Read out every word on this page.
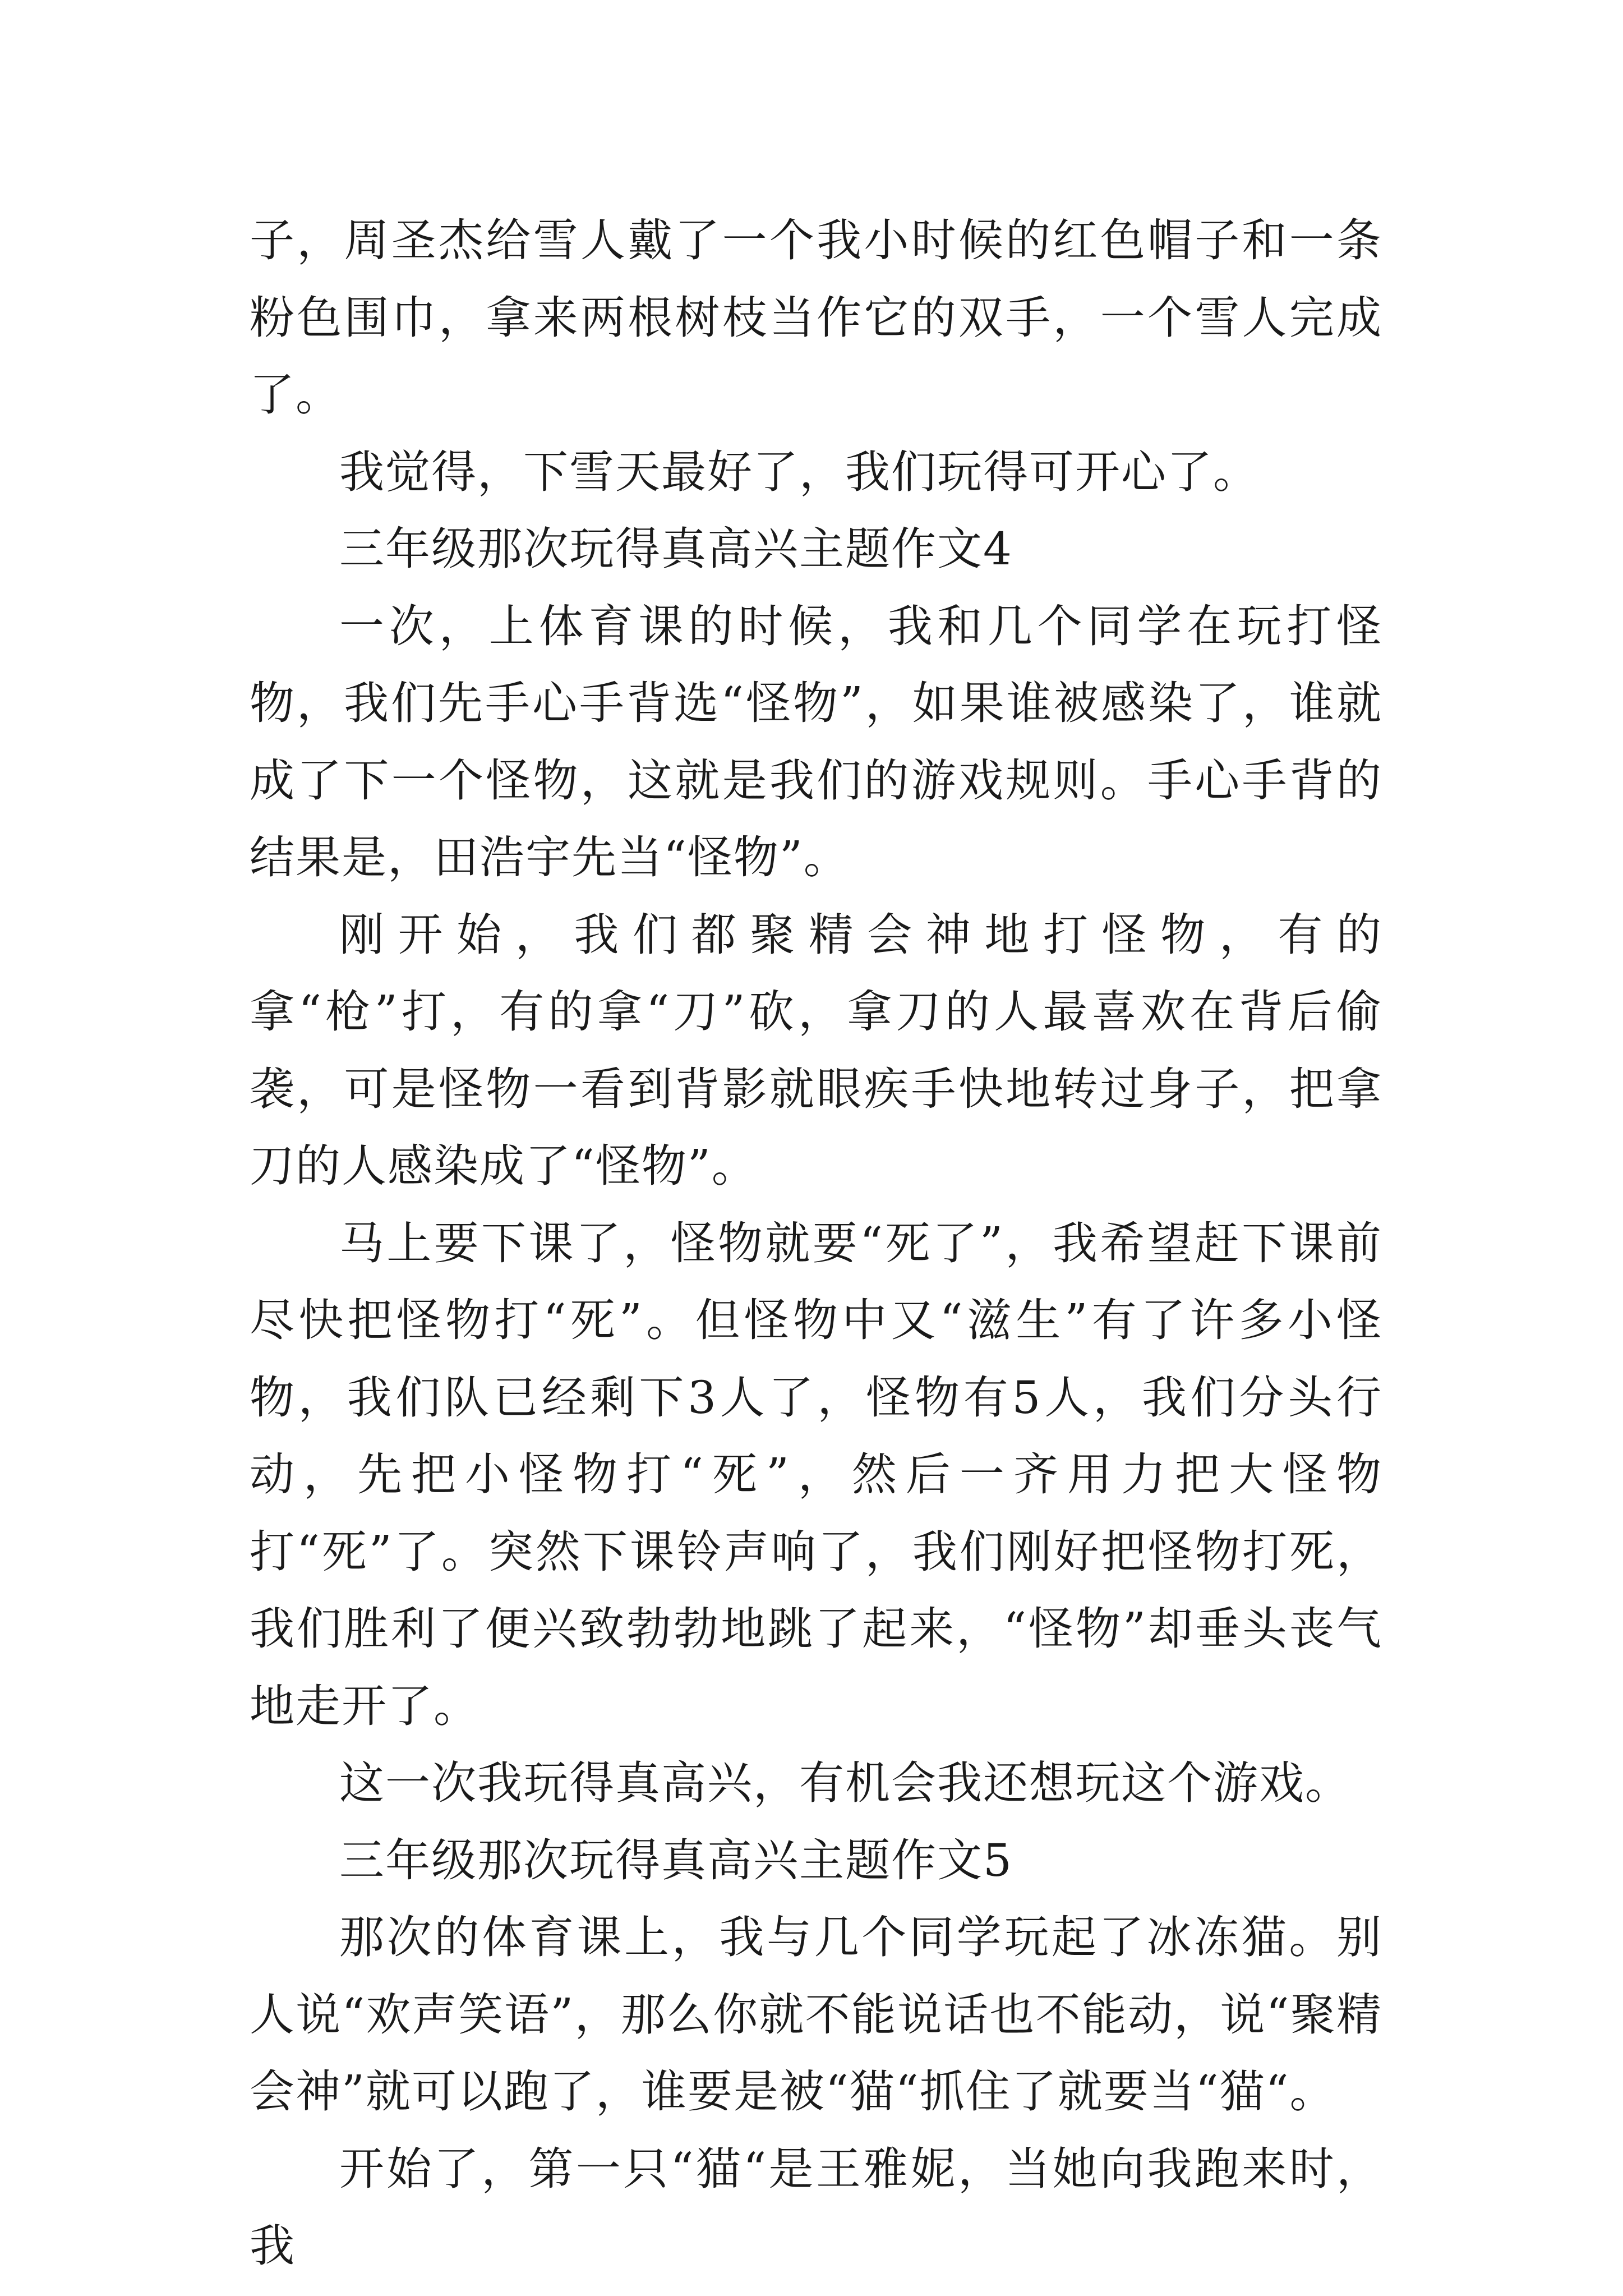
子，周圣杰给雪人戴了一个我小时候的红色帽子和一条粉色围巾，拿来两根树枝当作它的双手，一个雪人完成了。

我觉得，下雪天最好了，我们玩得可开心了。

三年级那次玩得真高兴主题作文4

一次，上体育课的时候，我和几个同学在玩打怪物，我们先手心手背选“怪物”，如果谁被感染了，谁就成了下一个怪物，这就是我们的游戏规则。手心手背的结果是，田浩宇先当“怪物”。

刚开始，我们都聚精会神地打怪物，有的拿“枪”打，有的拿“刀”砍，拿刀的人最喜欢在背后偷袭，可是怪物一看到背影就眼疾手快地转过身子，把拿刀的人感染成了“怪物”。

马上要下课了，怪物就要“死了”，我希望赶下课前尽快把怪物打“死”。但怪物中又“滋生”有了许多小怪物，我们队已经剩下3人了，怪物有5人，我们分头行动，先把小怪物打“死”，然后一齐用力把大怪物打“死”了。突然下课铃声响了，我们刚好把怪物打死，我们胜利了便兴致勃勃地跳了起来，“怪物”却垂头丧气地走开了。

这一次我玩得真高兴，有机会我还想玩这个游戏。

三年级那次玩得真高兴主题作文5

那次的体育课上，我与几个同学玩起了冰冻猫。别人说“欢声笑语”，那么你就不能说话也不能动，说“聚精会神”就可以跑了，谁要是被“猫“抓住了就要当“猫“。

开始了，第一只“猫“是王雅妮，当她向我跑来时，我
